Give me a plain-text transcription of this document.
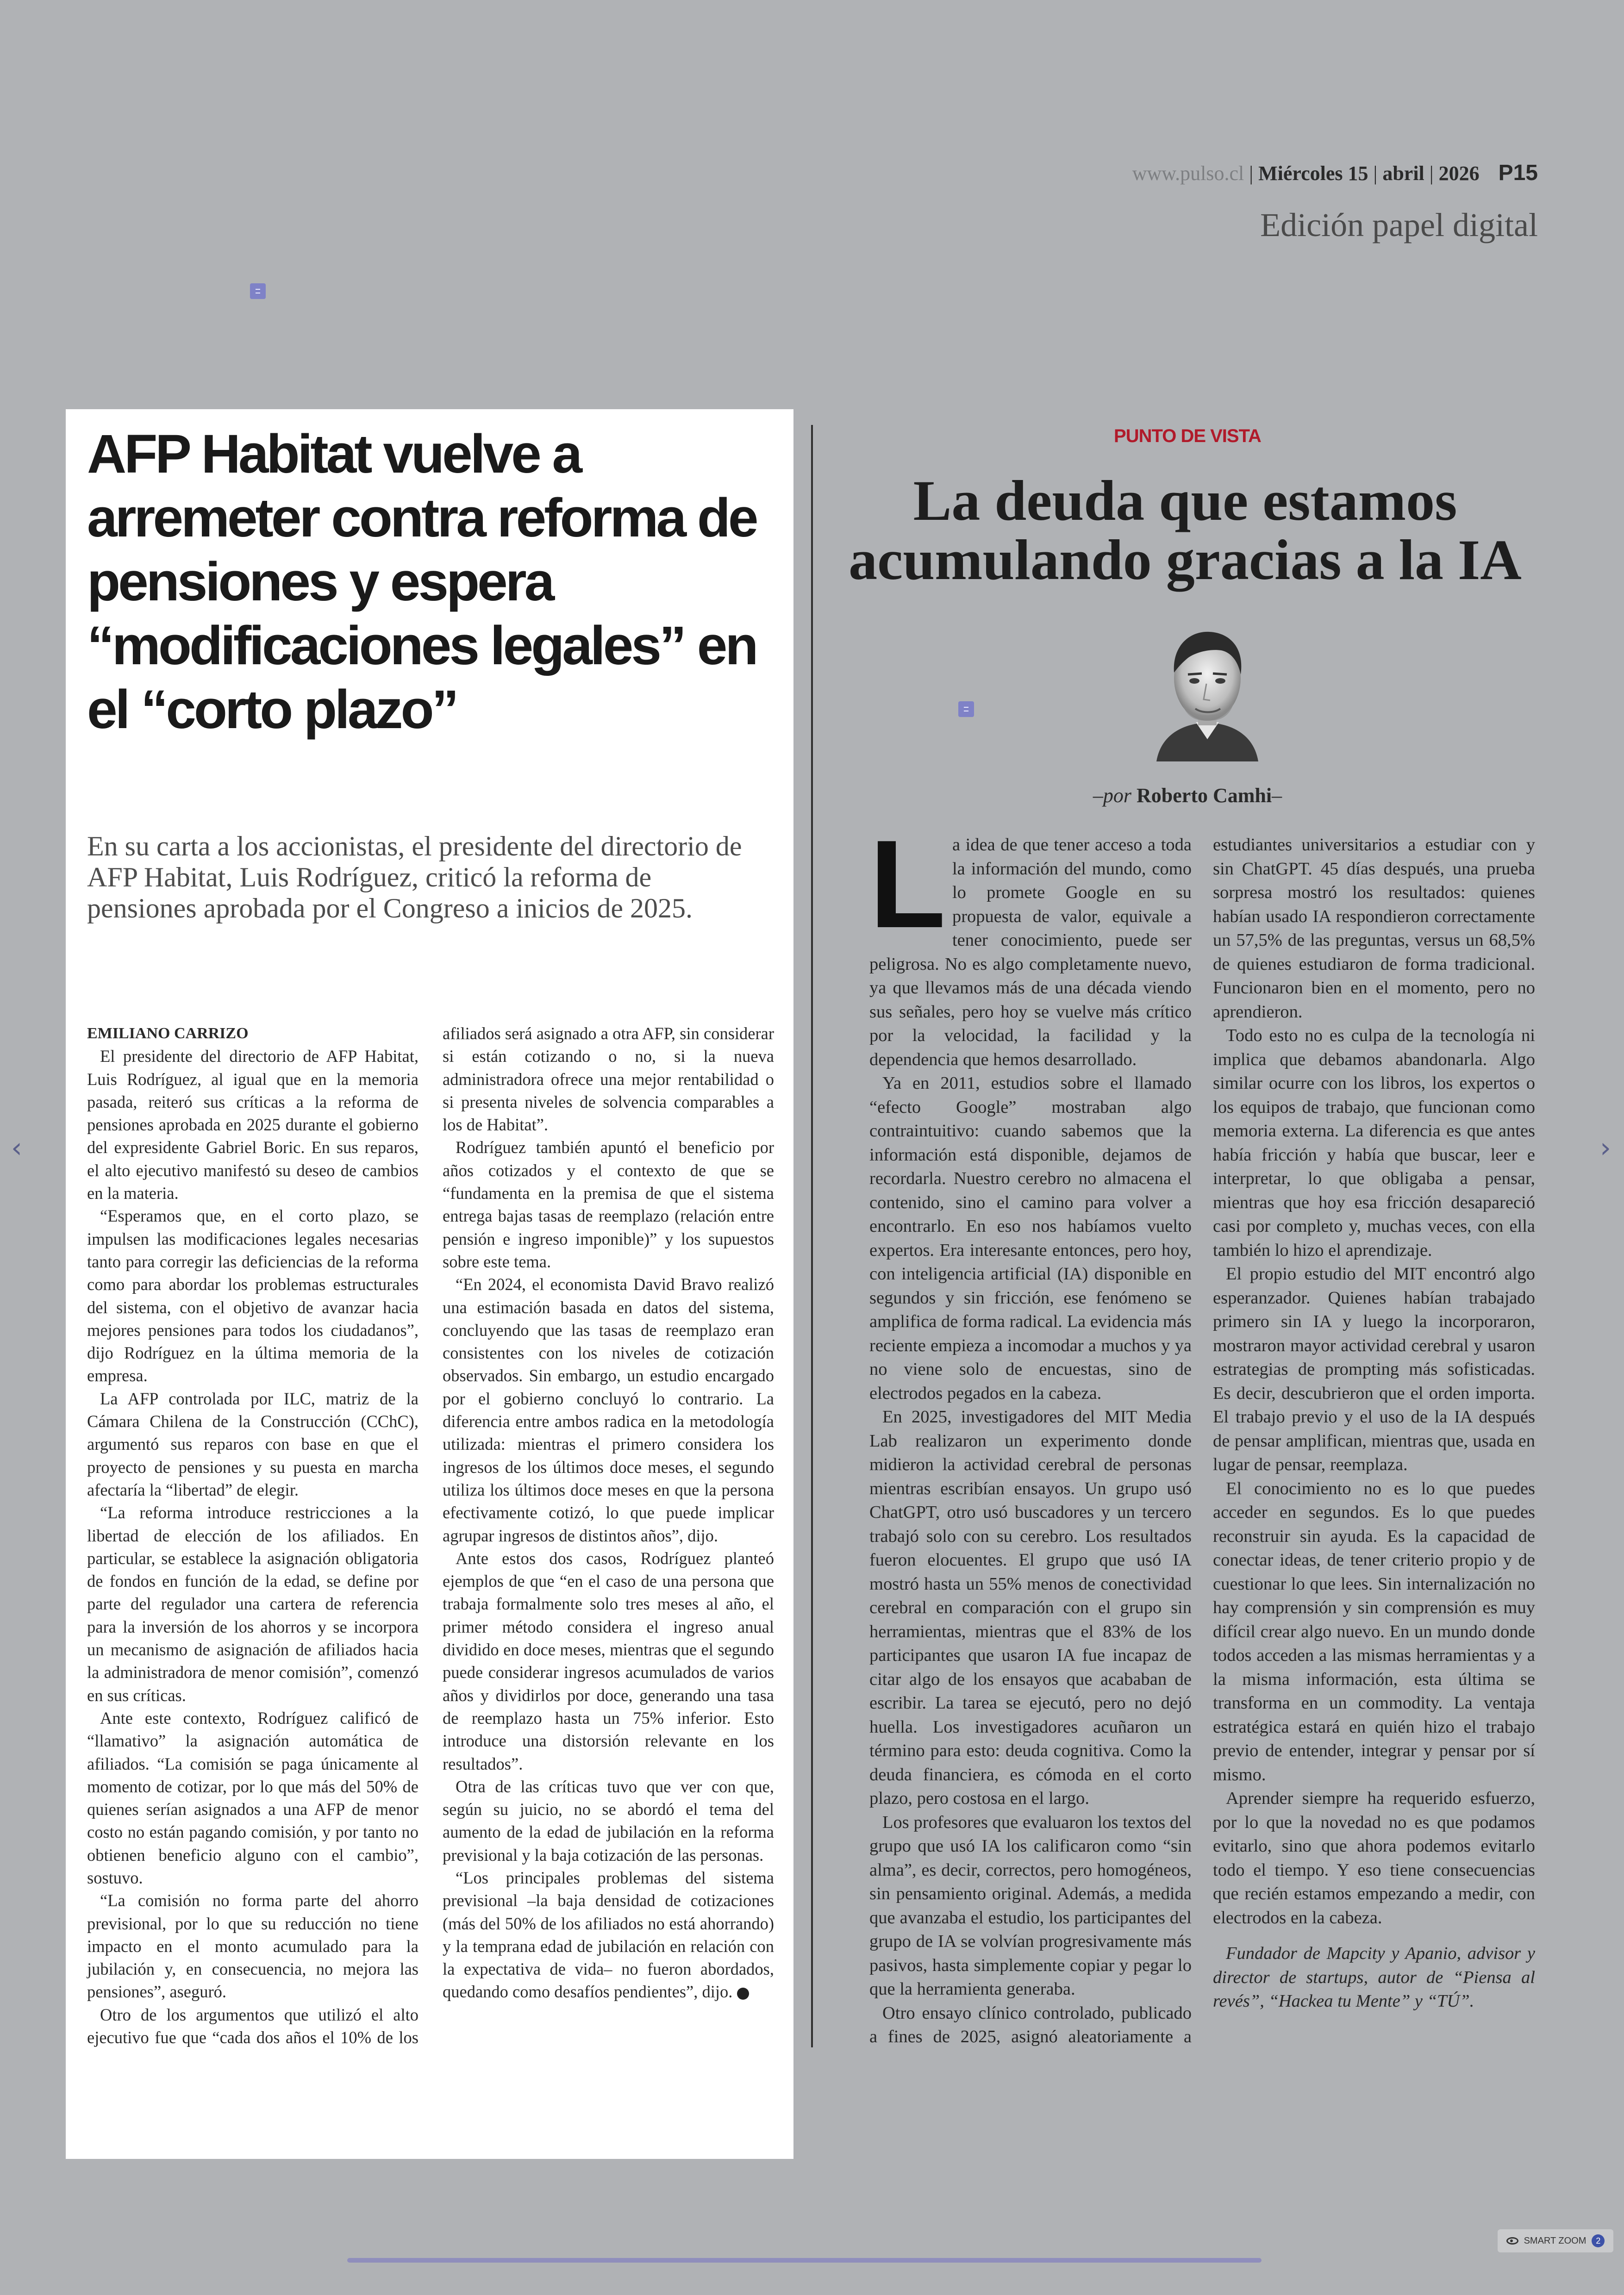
www.pulso.cl | Miércoles 15 | abril | 2026 P15
Edición papel digital
AFP Habitat vuelve a arremeter contra reforma de pensiones y espera “modificaciones legales” en el “corto plazo”

En su carta a los accionistas, el presidente del directorio de AFP Habitat, Luis Rodríguez, criticó la reforma de pensiones aprobada por el Congreso a inicios de 2025.

EMILIANO CARRIZO

El presidente del directorio de AFP Habitat, Luis Rodríguez, al igual que en la memoria pasada, reiteró sus críticas a la reforma de pensiones aprobada en 2025 durante el gobierno del expresidente Gabriel Boric. En sus reparos, el alto ejecutivo manifestó su deseo de cambios en la materia.

“Esperamos que, en el corto plazo, se impulsen las modificaciones legales necesarias tanto para corregir las deficiencias de la reforma como para abordar los problemas estructurales del sistema, con el objetivo de avanzar hacia mejores pensiones para todos los ciudadanos”, dijo Rodríguez en la última memoria de la empresa.

La AFP controlada por ILC, matriz de la Cámara Chilena de la Construcción (CChC), argumentó sus reparos con base en que el proyecto de pensiones y su puesta en marcha afectaría la “libertad” de elegir.

“La reforma introduce restricciones a la libertad de elección de los afiliados. En particular, se establece la asignación obligatoria de fondos en función de la edad, se define por parte del regulador una cartera de referencia para la inversión de los ahorros y se incorpora un mecanismo de asignación de afiliados hacia la administradora de menor comisión”, comenzó en sus críticas.

Ante este contexto, Rodríguez calificó de “llamativo” la asignación automática de afiliados. “La comisión se paga únicamente al momento de cotizar, por lo que más del 50% de quienes serían asignados a una AFP de menor costo no están pagando comisión, y por tanto no obtienen beneficio alguno con el cambio”, sostuvo.

“La comisión no forma parte del ahorro previsional, por lo que su reducción no tiene impacto en el monto acumulado para la jubilación y, en consecuencia, no mejora las pensiones”, aseguró.

Otro de los argumentos que utilizó el alto ejecutivo fue que “cada dos años el 10% de los afiliados será asignado a otra AFP, sin considerar si están cotizando o no, si la nueva administradora ofrece una mejor rentabilidad o si presenta niveles de solvencia comparables a los de Habitat”.

Rodríguez también apuntó el beneficio por años cotizados y el contexto de que se “fundamenta en la premisa de que el sistema entrega bajas tasas de reemplazo (relación entre pensión e ingreso imponible)” y los supuestos sobre este tema.

“En 2024, el economista David Bravo realizó una estimación basada en datos del sistema, concluyendo que las tasas de reemplazo eran consistentes con los niveles de cotización observados. Sin embargo, un estudio encargado por el gobierno concluyó lo contrario. La diferencia entre ambos radica en la metodología utilizada: mientras el primero considera los ingresos de los últimos doce meses, el segundo utiliza los últimos doce meses en que la persona efectivamente cotizó, lo que puede implicar agrupar ingresos de distintos años”, dijo.

Ante estos dos casos, Rodríguez planteó ejemplos de que “en el caso de una persona que trabaja formalmente solo tres meses al año, el primer método considera el ingreso anual dividido en doce meses, mientras que el segundo puede considerar ingresos acumulados de varios años y dividirlos por doce, generando una tasa de reemplazo hasta un 75% inferior. Esto introduce una distorsión relevante en los resultados”.

Otra de las críticas tuvo que ver con que, según su juicio, no se abordó el tema del aumento de la edad de jubilación en la reforma previsional y la baja cotización de las personas.

“Los principales problemas del sistema previsional –la baja densidad de cotizaciones (más del 50% de los afiliados no está ahorrando) y la temprana edad de jubilación en relación con la expectativa de vida– no fueron abordados, quedando como desafíos pendientes”, dijo.

PUNTO DE VISTA
La deuda que estamos acumulando gracias a la IA
–por Roberto Camhi–

La idea de que tener acceso a toda la información del mundo, como lo promete Google en su propuesta de valor, equivale a tener conocimiento, puede ser peligrosa. No es algo completamente nuevo, ya que llevamos más de una década viendo sus señales, pero hoy se vuelve más crítico por la velocidad, la facilidad y la dependencia que hemos desarrollado.

Ya en 2011, estudios sobre el llamado “efecto Google” mostraban algo contraintuitivo: cuando sabemos que la información está disponible, dejamos de recordarla. Nuestro cerebro no almacena el contenido, sino el camino para volver a encontrarlo. En eso nos habíamos vuelto expertos. Era interesante entonces, pero hoy, con inteligencia artificial (IA) disponible en segundos y sin fricción, ese fenómeno se amplifica de forma radical. La evidencia más reciente empieza a incomodar a muchos y ya no viene solo de encuestas, sino de electrodos pegados en la cabeza.

En 2025, investigadores del MIT Media Lab realizaron un experimento donde midieron la actividad cerebral de personas mientras escribían ensayos. Un grupo usó ChatGPT, otro usó buscadores y un tercero trabajó solo con su cerebro. Los resultados fueron elocuentes. El grupo que usó IA mostró hasta un 55% menos de conectividad cerebral en comparación con el grupo sin herramientas, mientras que el 83% de los participantes que usaron IA fue incapaz de citar algo de los ensayos que acababan de escribir. La tarea se ejecutó, pero no dejó huella. Los investigadores acuñaron un término para esto: deuda cognitiva. Como la deuda financiera, es cómoda en el corto plazo, pero costosa en el largo.

Los profesores que evaluaron los textos del grupo que usó IA los calificaron como “sin alma”, es decir, correctos, pero homogéneos, sin pensamiento original. Además, a medida que avanzaba el estudio, los participantes del grupo de IA se volvían progresivamente más pasivos, hasta simplemente copiar y pegar lo que la herramienta generaba.

Otro ensayo clínico controlado, publicado a fines de 2025, asignó aleatoriamente a estudiantes universitarios a estudiar con y sin ChatGPT. 45 días después, una prueba sorpresa mostró los resultados: quienes habían usado IA respondieron correctamente un 57,5% de las preguntas, versus un 68,5% de quienes estudiaron de forma tradicional. Funcionaron bien en el momento, pero no aprendieron.

Todo esto no es culpa de la tecnología ni implica que debamos abandonarla. Algo similar ocurre con los libros, los expertos o los equipos de trabajo, que funcionan como memoria externa. La diferencia es que antes había fricción y había que buscar, leer e interpretar, lo que obligaba a pensar, mientras que hoy esa fricción desapareció casi por completo y, muchas veces, con ella también lo hizo el aprendizaje.

El propio estudio del MIT encontró algo esperanzador. Quienes habían trabajado primero sin IA y luego la incorporaron, mostraron mayor actividad cerebral y usaron estrategias de prompting más sofisticadas. Es decir, descubrieron que el orden importa. El trabajo previo y el uso de la IA después de pensar amplifican, mientras que, usada en lugar de pensar, reemplaza.

El conocimiento no es lo que puedes acceder en segundos. Es lo que puedes reconstruir sin ayuda. Es la capacidad de conectar ideas, de tener criterio propio y de cuestionar lo que lees. Sin internalización no hay comprensión y sin comprensión es muy difícil crear algo nuevo. En un mundo donde todos acceden a las mismas herramientas y a la misma información, esta última se transforma en un commodity. La ventaja estratégica estará en quién hizo el trabajo previo de entender, integrar y pensar por sí mismo.

Aprender siempre ha requerido esfuerzo, por lo que la novedad no es que podamos evitarlo, sino que ahora podemos evitarlo todo el tiempo. Y eso tiene consecuencias que recién estamos empezando a medir, con electrodos en la cabeza.

Fundador de Mapcity y Apanio, advisor y director de startups, autor de “Piensa al revés”, “Hackea tu Mente” y “TÚ”.

‹	›
SMART ZOOM	2
